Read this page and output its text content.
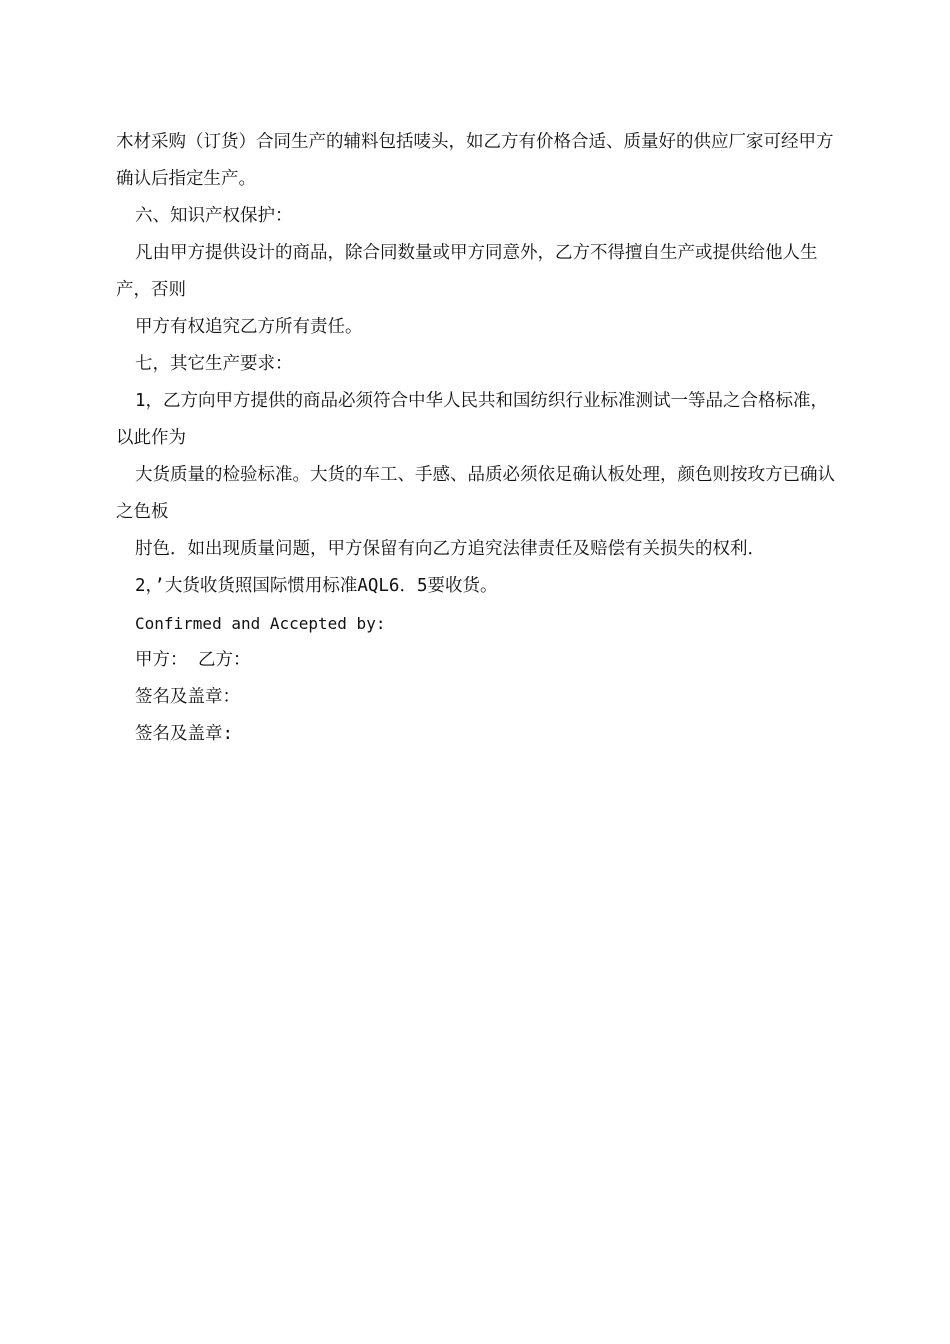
木材采购（订货）合同生产的辅料包括唛头，如乙方有价格合适、质量好的供应厂家可经甲方确认后指定生产。

六、知识产权保护：

凡由甲方提供设计的商品，除合同数量或甲方同意外，乙方不得擅自生产或提供给他人生产，否则

甲方有权追究乙方所有责任。

七，其它生产要求：

1，乙方向甲方提供的商品必须符合中华人民共和国纺织行业标准测试一等品之合格标准，以此作为

大货质量的检验标准。大货的车工、手感、品质必须依足确认板处理，颜色则按玫方已确认之色板

肘色．如出现质量问题，甲方保留有向乙方追究法律责任及赔偿有关损失的权利．

2，’大货收货照国际惯用标准AQL6．5要收货。

Confirmed and Accepted by:

甲方： 乙方：

签名及盖章：

签名及盖章:
